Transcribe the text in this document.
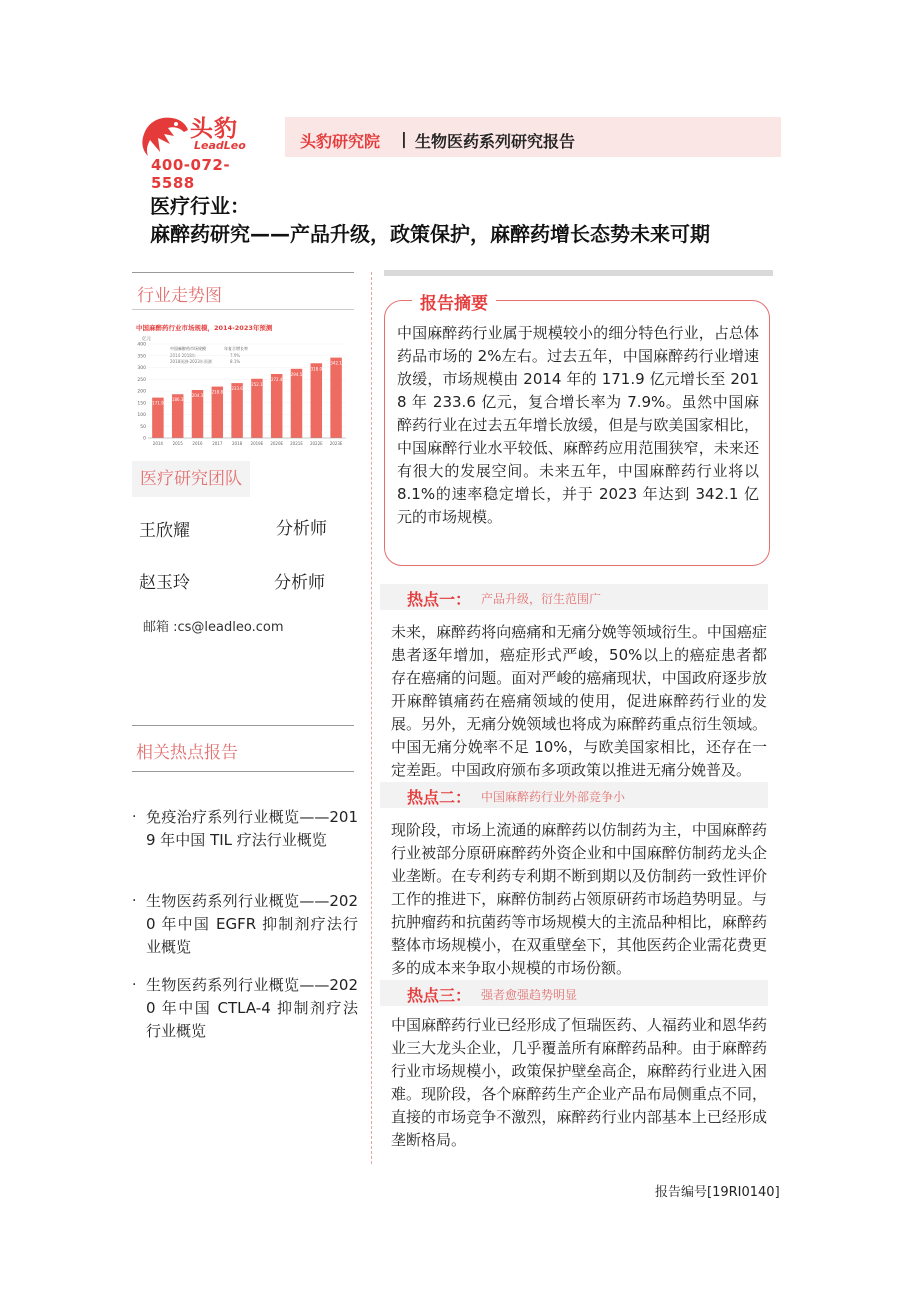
头豹
LeadLeo
400-072-5588
头豹研究院 | 生物医药系列研究报告
医疗行业：
麻醉药研究——产品升级，政策保护，麻醉药增长态势未来可期
行业走势图
中国麻醉药行业市场规模，2014-2023年预测
亿元
中国麻醉药市场规模	年复合增长率
2014-2018年	7.9%
2018预测-2023年预测	8.1%
0
50
100
150
200
250
300
350
400
171.9
2014
186.3
2015
204.3
2016
218.8
2017
233.6
2018
252.1
2019E
272.4
2020E
294.5
2021E
318.0
2022E
342.1
2023E
医疗研究团队
王欣耀	分析师
赵玉玲	分析师
邮箱 :cs@leadleo.com
相关热点报告
· 免疫治疗系列行业概览——2019 年中国 TIL 疗法行业概览
· 生物医药系列行业概览——2020 年中国 EGFR 抑制剂疗法行业概览
· 生物医药系列行业概览——2020 年中国 CTLA-4 抑制剂疗法行业概览
报告摘要
中国麻醉药行业属于规模较小的细分特色行业，占总体药品市场的 2%左右。过去五年，中国麻醉药行业增速放缓，市场规模由 2014 年的 171.9 亿元增长至 2018 年 233.6 亿元，复合增长率为 7.9%。虽然中国麻醉药行业在过去五年增长放缓，但是与欧美国家相比，中国麻醉行业水平较低、麻醉药应用范围狭窄，未来还有很大的发展空间。未来五年，中国麻醉药行业将以 8.1%的速率稳定增长，并于 2023 年达到 342.1 亿元的市场规模。
热点一： 产品升级，衍生范围广
未来，麻醉药将向癌痛和无痛分娩等领域衍生。中国癌症患者逐年增加，癌症形式严峻，50%以上的癌症患者都存在癌痛的问题。面对严峻的癌痛现状，中国政府逐步放开麻醉镇痛药在癌痛领域的使用，促进麻醉药行业的发展。另外，无痛分娩领域也将成为麻醉药重点衍生领域。中国无痛分娩率不足 10%，与欧美国家相比，还存在一定差距。中国政府颁布多项政策以推进无痛分娩普及。
热点二： 中国麻醉药行业外部竞争小
现阶段，市场上流通的麻醉药以仿制药为主，中国麻醉药行业被部分原研麻醉药外资企业和中国麻醉仿制药龙头企业垄断。在专利药专利期不断到期以及仿制药一致性评价工作的推进下，麻醉仿制药占领原研药市场趋势明显。与抗肿瘤药和抗菌药等市场规模大的主流品种相比，麻醉药整体市场规模小，在双重壁垒下，其他医药企业需花费更多的成本来争取小规模的市场份额。
热点三： 强者愈强趋势明显
中国麻醉药行业已经形成了恒瑞医药、人福药业和恩华药业三大龙头企业，几乎覆盖所有麻醉药品种。由于麻醉药行业市场规模小，政策保护壁垒高企，麻醉药行业进入困难。现阶段，各个麻醉药生产企业产品布局侧重点不同，直接的市场竞争不激烈，麻醉药行业内部基本上已经形成垄断格局。
报告编号[19RI0140]
